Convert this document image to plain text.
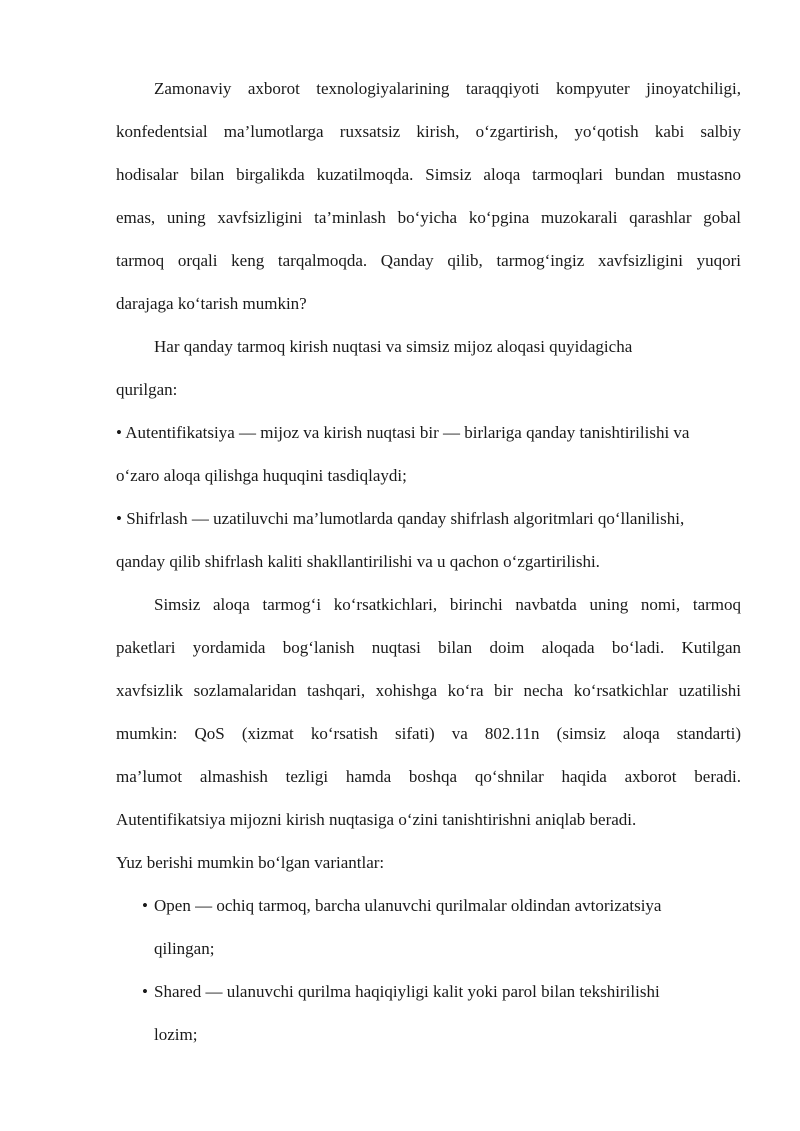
Zamonaviy axborot texnologiyalarining taraqqiyoti kompyuter jinoyatchiligi,
konfedentsial ma’lumotlarga ruxsatsiz kirish, o‘zgartirish, yo‘qotish kabi salbiy
hodisalar bilan birgalikda kuzatilmoqda. Simsiz aloqa tarmoqlari bundan mustasno
emas, uning xavfsizligini ta’minlash bo‘yicha ko‘pgina muzokarali qarashlar gobal
tarmoq orqali keng tarqalmoqda. Qanday qilib, tarmog‘ingiz xavfsizligini yuqori
darajaga ko‘tarish mumkin?
Har qanday tarmoq kirish nuqtasi va simsiz mijoz aloqasi quyidagicha
qurilgan:
• Autentifikatsiya — mijoz va kirish nuqtasi bir — birlariga qanday tanishtirilishi va
o‘zaro aloqa qilishga huquqini tasdiqlaydi;
• Shifrlash — uzatiluvchi ma’lumotlarda qanday shifrlash algoritmlari qo‘llanilishi,
qanday qilib shifrlash kaliti shakllantirilishi va u qachon o‘zgartirilishi.
Simsiz aloqa tarmog‘i ko‘rsatkichlari, birinchi navbatda uning nomi, tarmoq
paketlari yordamida bog‘lanish nuqtasi bilan doim aloqada bo‘ladi. Kutilgan
xavfsizlik sozlamalaridan tashqari, xohishga ko‘ra bir necha ko‘rsatkichlar uzatilishi
mumkin: QoS (xizmat ko‘rsatish sifati) va 802.11n (simsiz aloqa standarti)
ma’lumot almashish tezligi hamda boshqa qo‘shnilar haqida axborot beradi.
Autentifikatsiya mijozni kirish nuqtasiga o‘zini tanishtirishni aniqlab beradi.
Yuz berishi mumkin bo‘lgan variantlar:
• Open — ochiq tarmoq, barcha ulanuvchi qurilmalar oldindan avtorizatsiya
qilingan;
• Shared — ulanuvchi qurilma haqiqiyligi kalit yoki parol bilan tekshirilishi
lozim;
